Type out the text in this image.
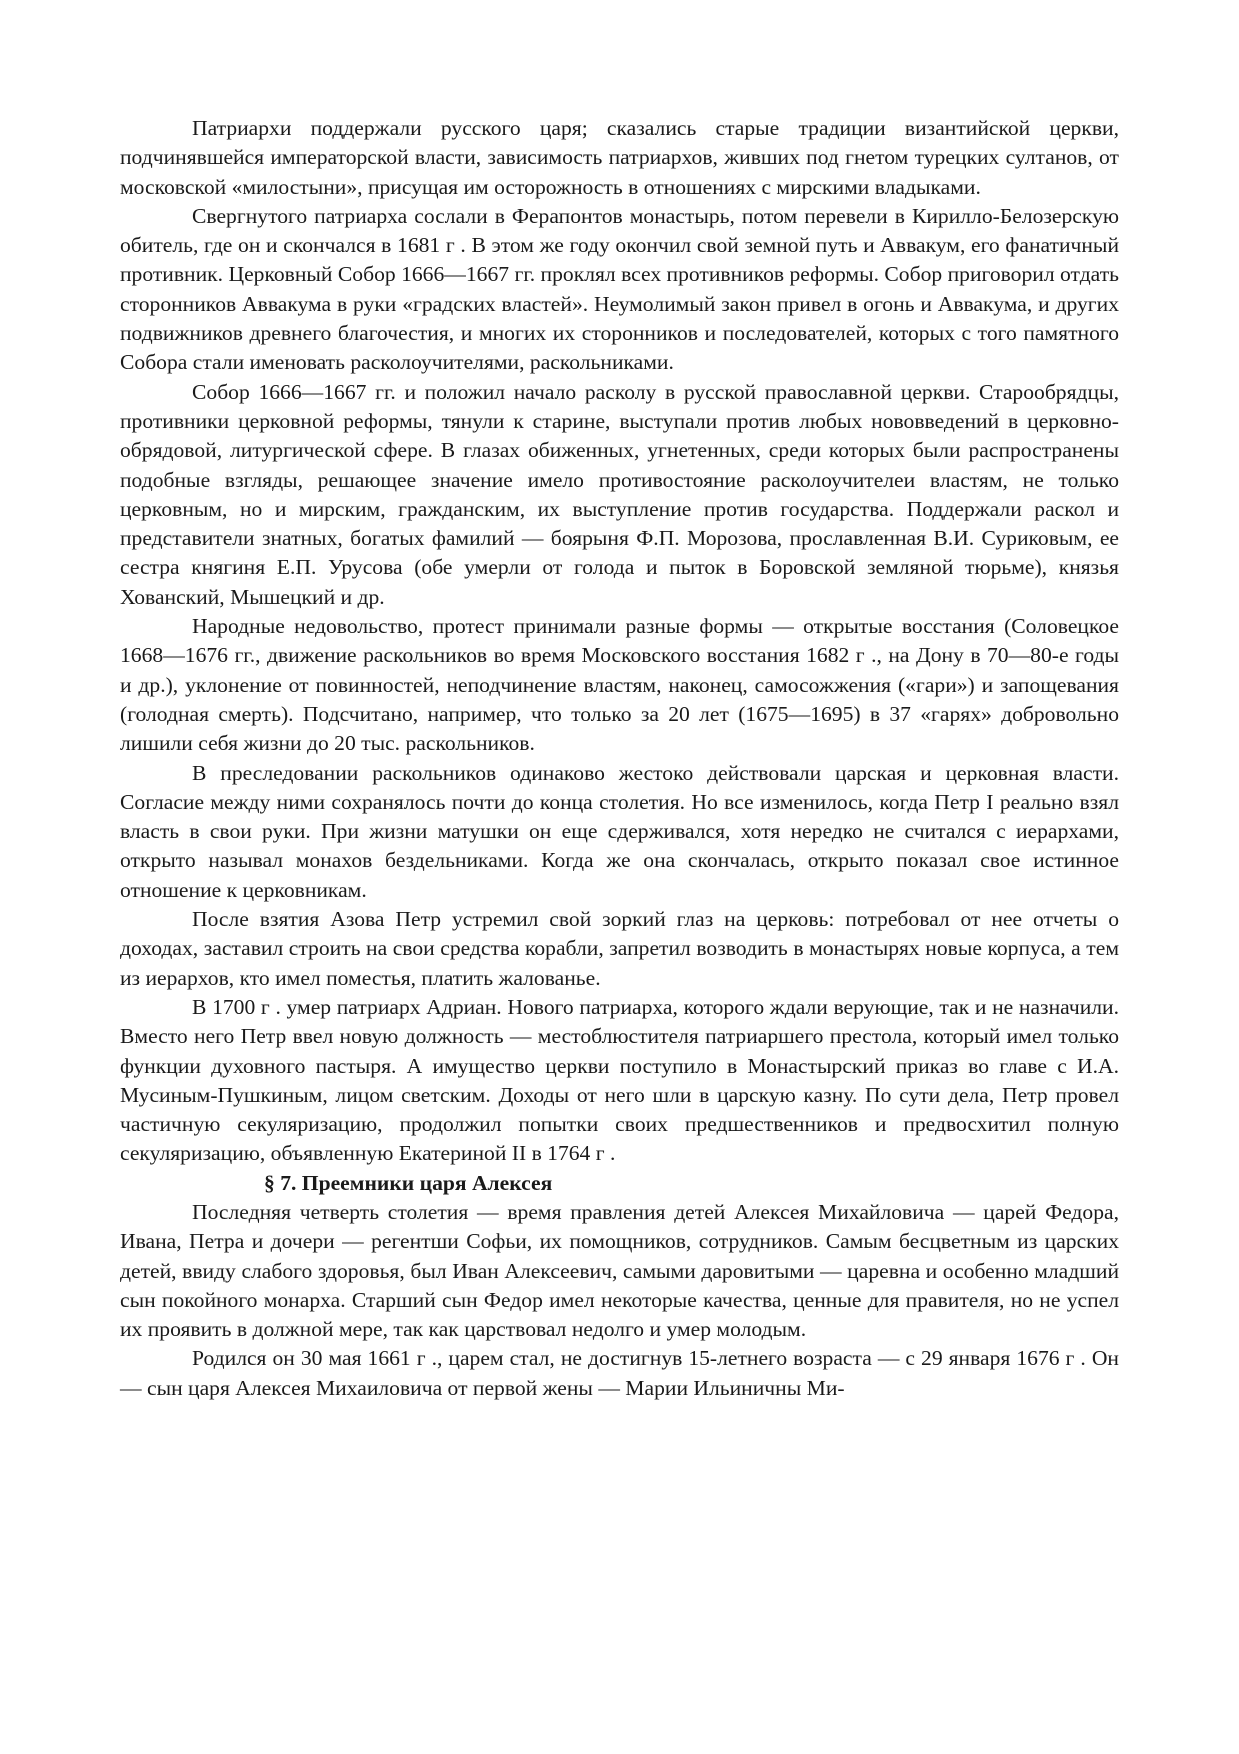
Патриархи поддержали русского царя; сказались старые традиции византийской церкви, подчинявшейся императорской власти, зависимость патриархов, живших под гнетом турецких султанов, от московской «милостыни», присущая им осторожность в отношениях с мирскими владыками.

Свергнутого патриарха сослали в Ферапонтов монастырь, потом перевели в Кирилло-Белозерскую обитель, где он и скончался в 1681 г . В этом же году окончил свой земной путь и Аввакум, его фанатичный противник. Церковный Собор 1666—1667 гг. проклял всех противников реформы. Собор приговорил отдать сторонников Аввакума в руки «градских властей». Неумолимый закон привел в огонь и Аввакума, и других подвижников древнего благочестия, и многих их сторонников и последователей, которых с того памятного Собора стали именовать расколоучителями, раскольниками.

Собор 1666—1667 гг. и положил начало расколу в русской православной церкви. Старообрядцы, противники церковной реформы, тянули к старине, выступали против любых нововведений в церковно-обрядовой, литургической сфере. В глазах обиженных, угнетенных, среди которых были распространены подобные взгляды, решающее значение имело противостояние расколоучителеи властям, не только церковным, но и мирским, гражданским, их выступление против государства. Поддержали раскол и представители знатных, богатых фамилий — боярыня Ф.П. Морозова, прославленная В.И. Суриковым, ее сестра княгиня Е.П. Урусова (обе умерли от голода и пыток в Боровской земляной тюрьме), князья Хованский, Мышецкий и др.

Народные недовольство, протест принимали разные формы — открытые восстания (Соловецкое 1668—1676 гг., движение раскольников во время Московского восстания 1682 г ., на Дону в 70—80-е годы и др.), уклонение от повинностей, неподчинение властям, наконец, самосожжения («гари») и запощевания (голодная смерть). Подсчитано, например, что только за 20 лет (1675—1695) в 37 «гарях» добровольно лишили себя жизни до 20 тыс. раскольников.

В преследовании раскольников одинаково жестоко действовали царская и церковная власти. Согласие между ними сохранялось почти до конца столетия. Но все изменилось, когда Петр I реально взял власть в свои руки. При жизни матушки он еще сдерживался, хотя нередко не считался с иерархами, открыто называл монахов бездельниками. Когда же она скончалась, открыто показал свое истинное отношение к церковникам.

После взятия Азова Петр устремил свой зоркий глаз на церковь: потребовал от нее отчеты о доходах, заставил строить на свои средства корабли, запретил возводить в монастырях новые корпуса, а тем из иерархов, кто имел поместья, платить жалованье.

В 1700 г . умер патриарх Адриан. Нового патриарха, которого ждали верующие, так и не назначили. Вместо него Петр ввел новую должность — местоблюстителя патриаршего престола, который имел только функции духовного пастыря. А имущество церкви поступило в Монастырский приказ во главе с И.А. Мусиным-Пушкиным, лицом светским. Доходы от него шли в царскую казну. По сути дела, Петр провел частичную секуляризацию, продолжил попытки своих предшественников и предвосхитил полную секуляризацию, объявленную Екатериной II в 1764 г .

§ 7. Преемники царя Алексея

Последняя четверть столетия — время правления детей Алексея Михайловича — царей Федора, Ивана, Петра и дочери — регентши Софьи, их помощников, сотрудников. Самым бесцветным из царских детей, ввиду слабого здоровья, был Иван Алексеевич, самыми даровитыми — царевна и особенно младший сын покойного монарха. Старший сын Федор имел некоторые качества, ценные для правителя, но не успел их проявить в должной мере, так как царствовал недолго и умер молодым.

Родился он 30 мая 1661 г ., царем стал, не достигнув 15-летнего возраста — с 29 января 1676 г . Он — сын царя Алексея Михаиловича от первой жены — Марии Ильиничны Ми-
